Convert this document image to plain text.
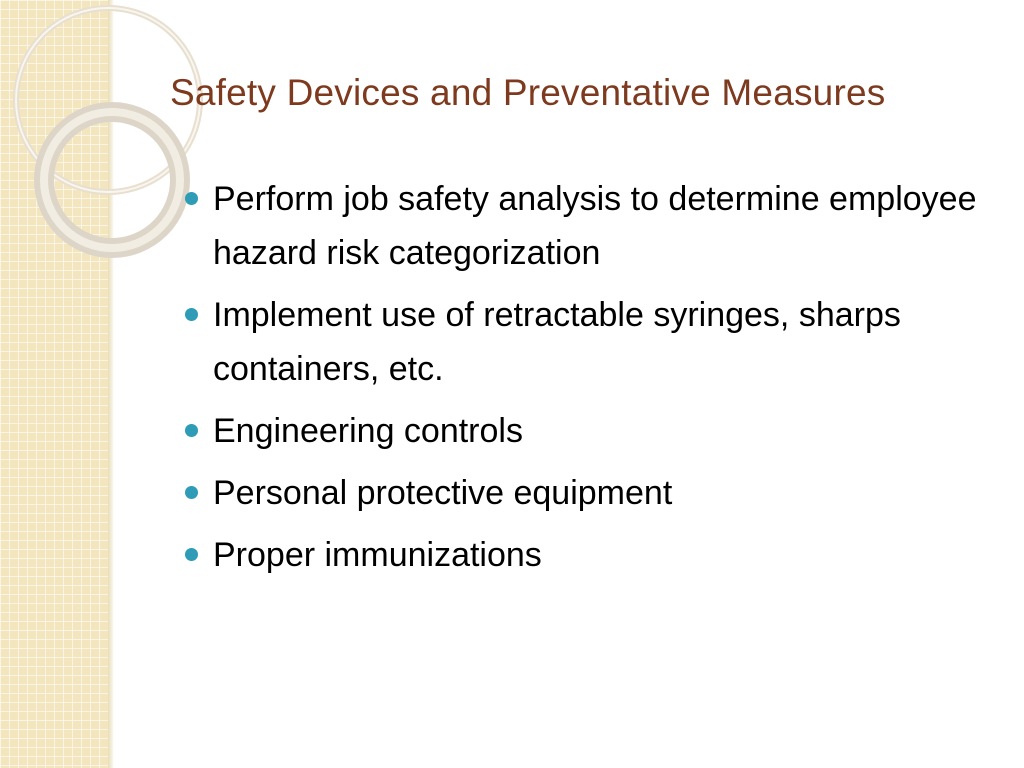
Safety Devices and Preventative Measures
Perform job safety analysis to determine employee hazard risk categorization
Implement use of retractable syringes, sharps containers, etc.
Engineering controls
Personal protective equipment
Proper immunizations
